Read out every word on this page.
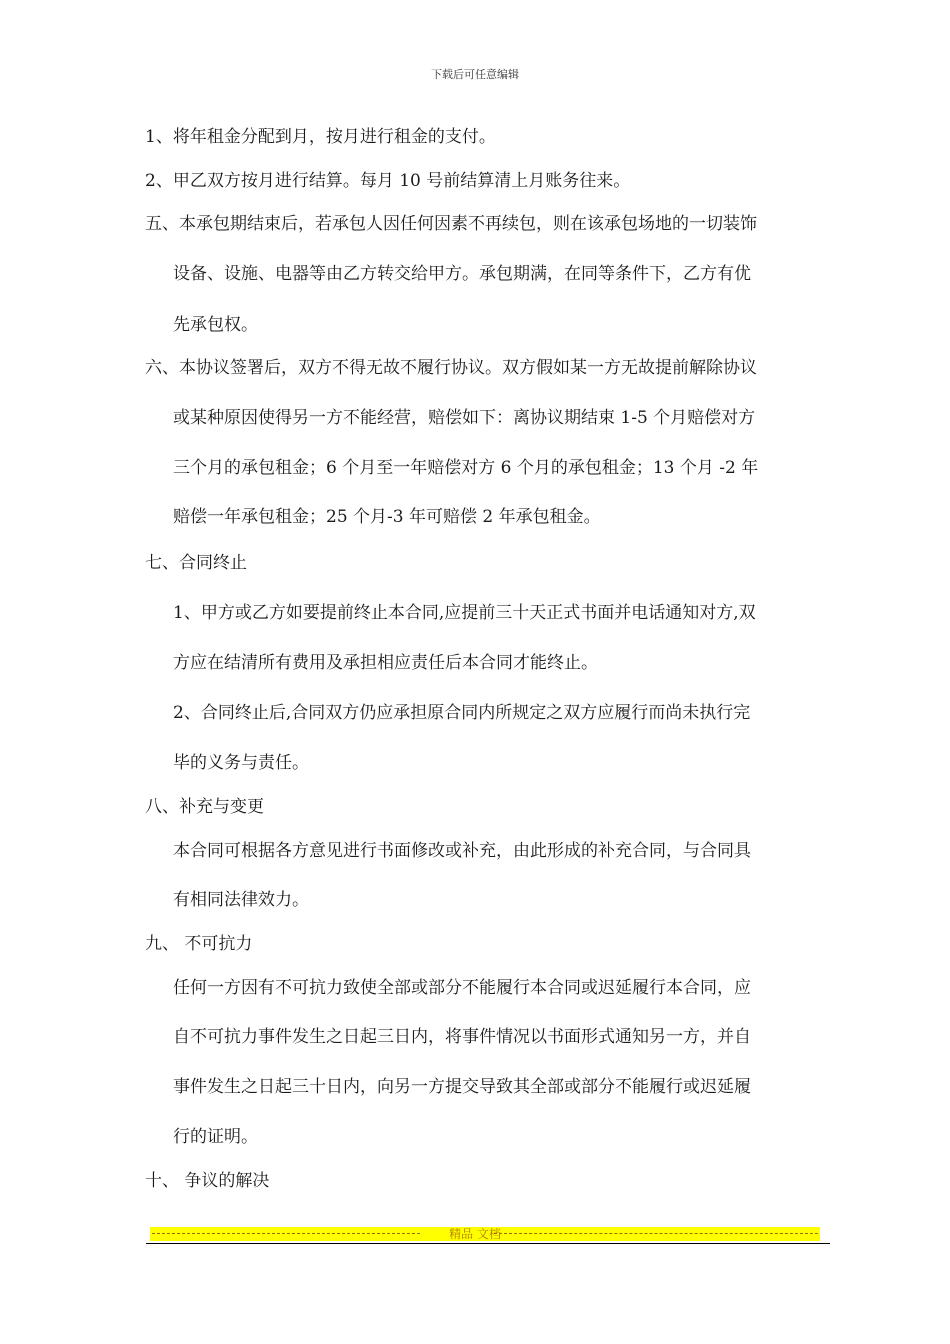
下载后可任意编辑
1、将年租金分配到月，按月进行租金的支付。
2、甲乙双方按月进行结算。每月 10 号前结算清上月账务往来。
五、本承包期结束后，若承包人因任何因素不再续包，则在该承包场地的一切装饰
设备、设施、电器等由乙方转交给甲方。承包期满，在同等条件下，乙方有优
先承包权。
六、本协议签署后，双方不得无故不履行协议。双方假如某一方无故提前解除协议
或某种原因使得另一方不能经营，赔偿如下：离协议期结束 1-5 个月赔偿对方
三个月的承包租金；6 个月至一年赔偿对方 6 个月的承包租金；13 个月 -2 年
赔偿一年承包租金；25 个月-3 年可赔偿 2 年承包租金。
七、合同终止
1、甲方或乙方如要提前终止本合同,应提前三十天正式书面并电话通知对方,双
方应在结清所有费用及承担相应责任后本合同才能终止。
2、合同终止后,合同双方仍应承担原合同内所规定之双方应履行而尚未执行完
毕的义务与责任。
八、补充与变更
本合同可根据各方意见进行书面修改或补充，由此形成的补充合同，与合同具
有相同法律效力。
九、 不可抗力
任何一方因有不可抗力致使全部或部分不能履行本合同或迟延履行本合同，应
自不可抗力事件发生之日起三日内，将事件情况以书面形式通知另一方，并自
事件发生之日起三十日内，向另一方提交导致其全部或部分不能履行或迟延履
行的证明。
十、 争议的解决
精品 文档
